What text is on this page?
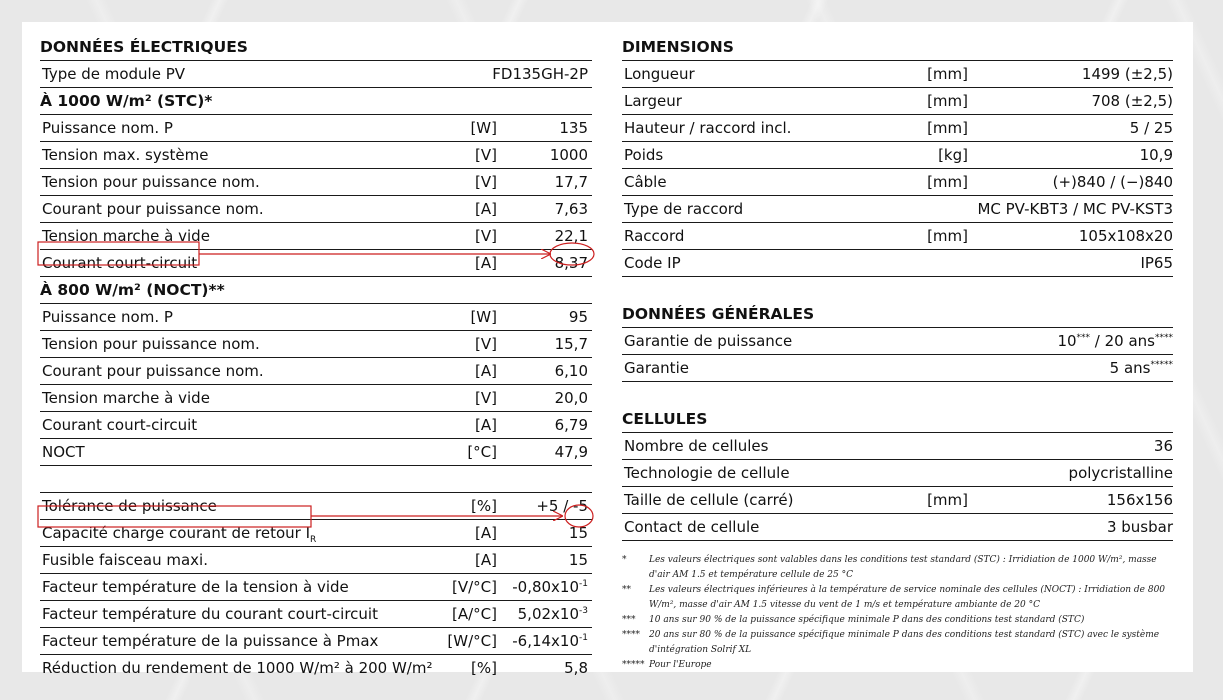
DONNÉES ÉLECTRIQUES
Type de module PV	FD135GH-2P
À 1000 W/m² (STC)*
Puissance nom. P	[W]	135
Tension max. système	[V]	1000
Tension pour puissance nom.	[V]	17,7
Courant pour puissance nom.	[A]	7,63
Tension marche à vide	[V]	22,1
Courant court-circuit	[A]	8,37
À 800 W/m² (NOCT)**
Puissance nom. P	[W]	95
Tension pour puissance nom.	[V]	15,7
Courant pour puissance nom.	[A]	6,10
Tension marche à vide	[V]	20,0
Courant court-circuit	[A]	6,79
NOCT	[°C]	47,9
Tolérance de puissance	[%]	+5 / -5
Capacité charge courant de retour $I_R$	[A]	15
Fusible faisceau maxi.	[A]	15
Facteur température de la tension à vide	[V/°C] $-0,80x10^{-1}$
Facteur température du courant court-circuit	[A/°C] $5,02x10^{-3}$
Facteur température de la puissance à Pmax	[W/°C] $-6,14x10^{-1}$
Réduction du rendement de 1000 W/m² à 200 W/m²	[%]	5,8
DIMENSIONS
Longueur	[mm]	1499 (±2,5)
Largeur	[mm]	708 (±2,5)
Hauteur / raccord incl.	[mm]	5 / 25
Poids	[kg]	10,9
Câble	[mm]	(+)840 / (−)840
Type de raccord	MC PV-KBT3 / MC PV-KST3
Raccord	[mm]	105x108x20
Code IP	IP65
DONNÉES GÉNÉRALES
Garantie de puissance	10*** / 20 ans****
Garantie	5 ans*****
CELLULES
Nombre de cellules	36
Technologie de cellule	polycristalline
Taille de cellule (carré)	[mm]	156x156
Contact de cellule	3 busbar
*	Les valeurs électriques sont valables dans les conditions test standard (STC) : Irridiation de 1000 W/m², masse d'air AM 1.5 et température cellule de 25 °C
** Les valeurs électriques inférieures à la température de service nominale des cellules (NOCT) : Irridiation de 800 W/m², masse d'air AM 1.5 vitesse du vent de 1 m/s et température ambiante de 20 °C
*** 10 ans sur 90 % de la puissance spécifique minimale P dans des conditions test standard (STC)
**** 20 ans sur 80 % de la puissance spécifique minimale P dans des conditions test standard (STC) avec le système d'intégration Solrif XL
***** Pour l'Europe
